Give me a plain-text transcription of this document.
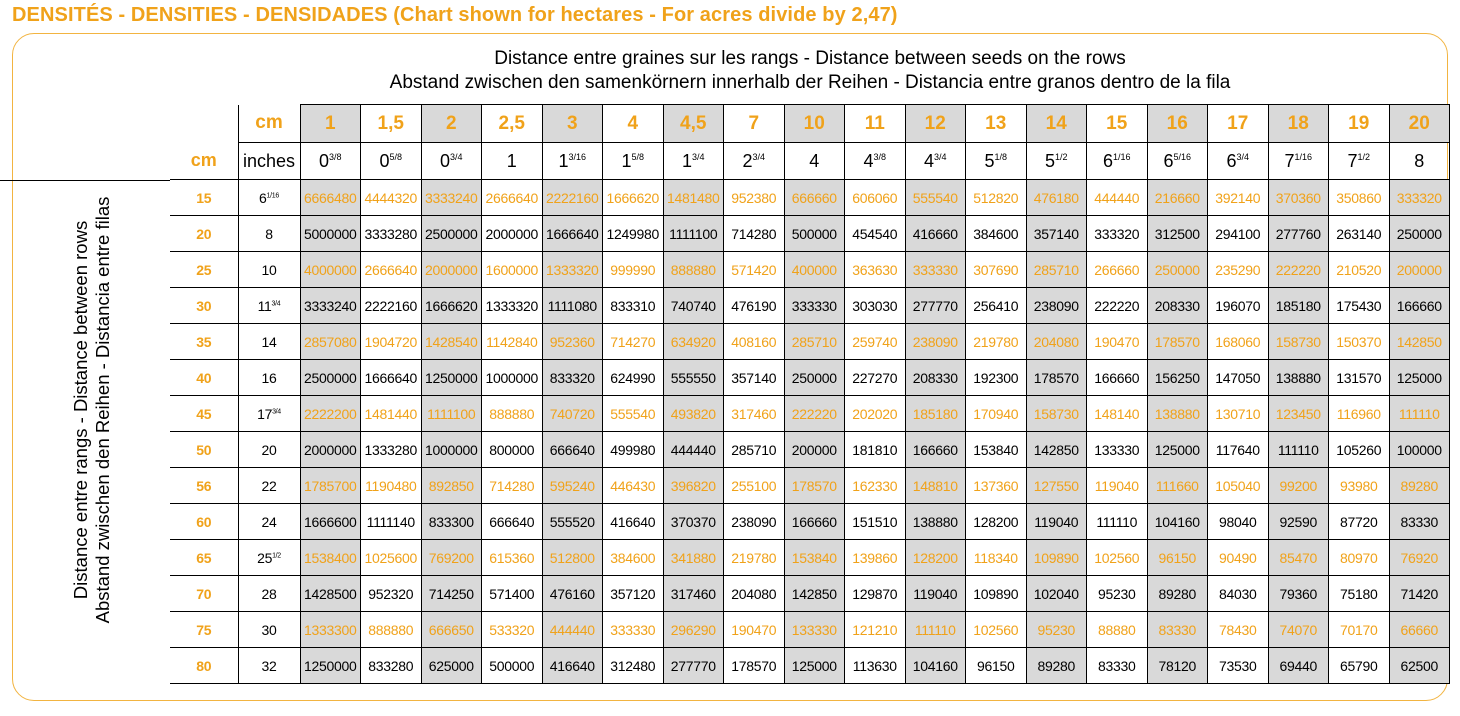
DENSITÉS - DENSITIES - DENSIDADES (Chart shown for hectares - For acres divide by 2,47)
Distance entre graines sur les rangs - Distance between seeds on the rows
Abstand zwischen den samenkörnern innerhalb der Reihen - Distancia entre granos dentro de la fila
Distance entre rangs - Distance between rows Abstand zwischen den Reihen - Distancia entre filas
	cm	1	1,5	2	2,5	3	4	4,5	7	10	11	12	13	14	15	16	17	18	19	20
cm	inches	$0^{3/8}$	$0^{5/8}$	$0^{3/4}$	1	$1^{3/16}$	$1^{5/8}$	$1^{3/4}$	$2^{3/4}$	4	$4^{3/8}$	$4^{3/4}$	$5^{1/8}$	$5^{1/2}$	$6^{1/16}$	$6^{5/16}$	$6^{3/4}$	$7^{1/16}$	$7^{1/2}$	8
15	$6^{1/16}$	6666480	4444320	3333240	2666640	2222160	1666620	1481480	952380	666660	606060	555540	512820	476180	444440	216660	392140	370360	350860	333320
20	8	5000000	3333280	2500000	2000000	1666640	1249980	1111100	714280	500000	454540	416660	384600	357140	333320	312500	294100	277760	263140	250000
25	10	4000000	2666640	2000000	1600000	1333320	999990	888880	571420	400000	363630	333330	307690	285710	266660	250000	235290	222220	210520	200000
30	$11^{3/4}$	3333240	2222160	1666620	1333320	1111080	833310	740740	476190	333330	303030	277770	256410	238090	222220	208330	196070	185180	175430	166660
35	14	2857080	1904720	1428540	1142840	952360	714270	634920	408160	285710	259740	238090	219780	204080	190470	178570	168060	158730	150370	142850
40	16	2500000	1666640	1250000	1000000	833320	624990	555550	357140	250000	227270	208330	192300	178570	166660	156250	147050	138880	131570	125000
45	$17^{3/4}$	2222200	1481440	1111100	888880	740720	555540	493820	317460	222220	202020	185180	170940	158730	148140	138880	130710	123450	116960	111110
50	20	2000000	1333280	1000000	800000	666640	499980	444440	285710	200000	181810	166660	153840	142850	133330	125000	117640	111110	105260	100000
56	22	1785700	1190480	892850	714280	595240	446430	396820	255100	178570	162330	148810	137360	127550	119040	111660	105040	99200	93980	89280
60	24	1666600	1111140	833300	666640	555520	416640	370370	238090	166660	151510	138880	128200	119040	111110	104160	98040	92590	87720	83330
65	$25^{1/2}$	1538400	1025600	769200	615360	512800	384600	341880	219780	153840	139860	128200	118340	109890	102560	96150	90490	85470	80970	76920
70	28	1428500	952320	714250	571400	476160	357120	317460	204080	142850	129870	119040	109890	102040	95230	89280	84030	79360	75180	71420
75	30	1333300	888880	666650	533320	444440	333330	296290	190470	133330	121210	111110	102560	95230	88880	83330	78430	74070	70170	66660
80	32	1250000	833280	625000	500000	416640	312480	277770	178570	125000	113630	104160	96150	89280	83330	78120	73530	69440	65790	62500
